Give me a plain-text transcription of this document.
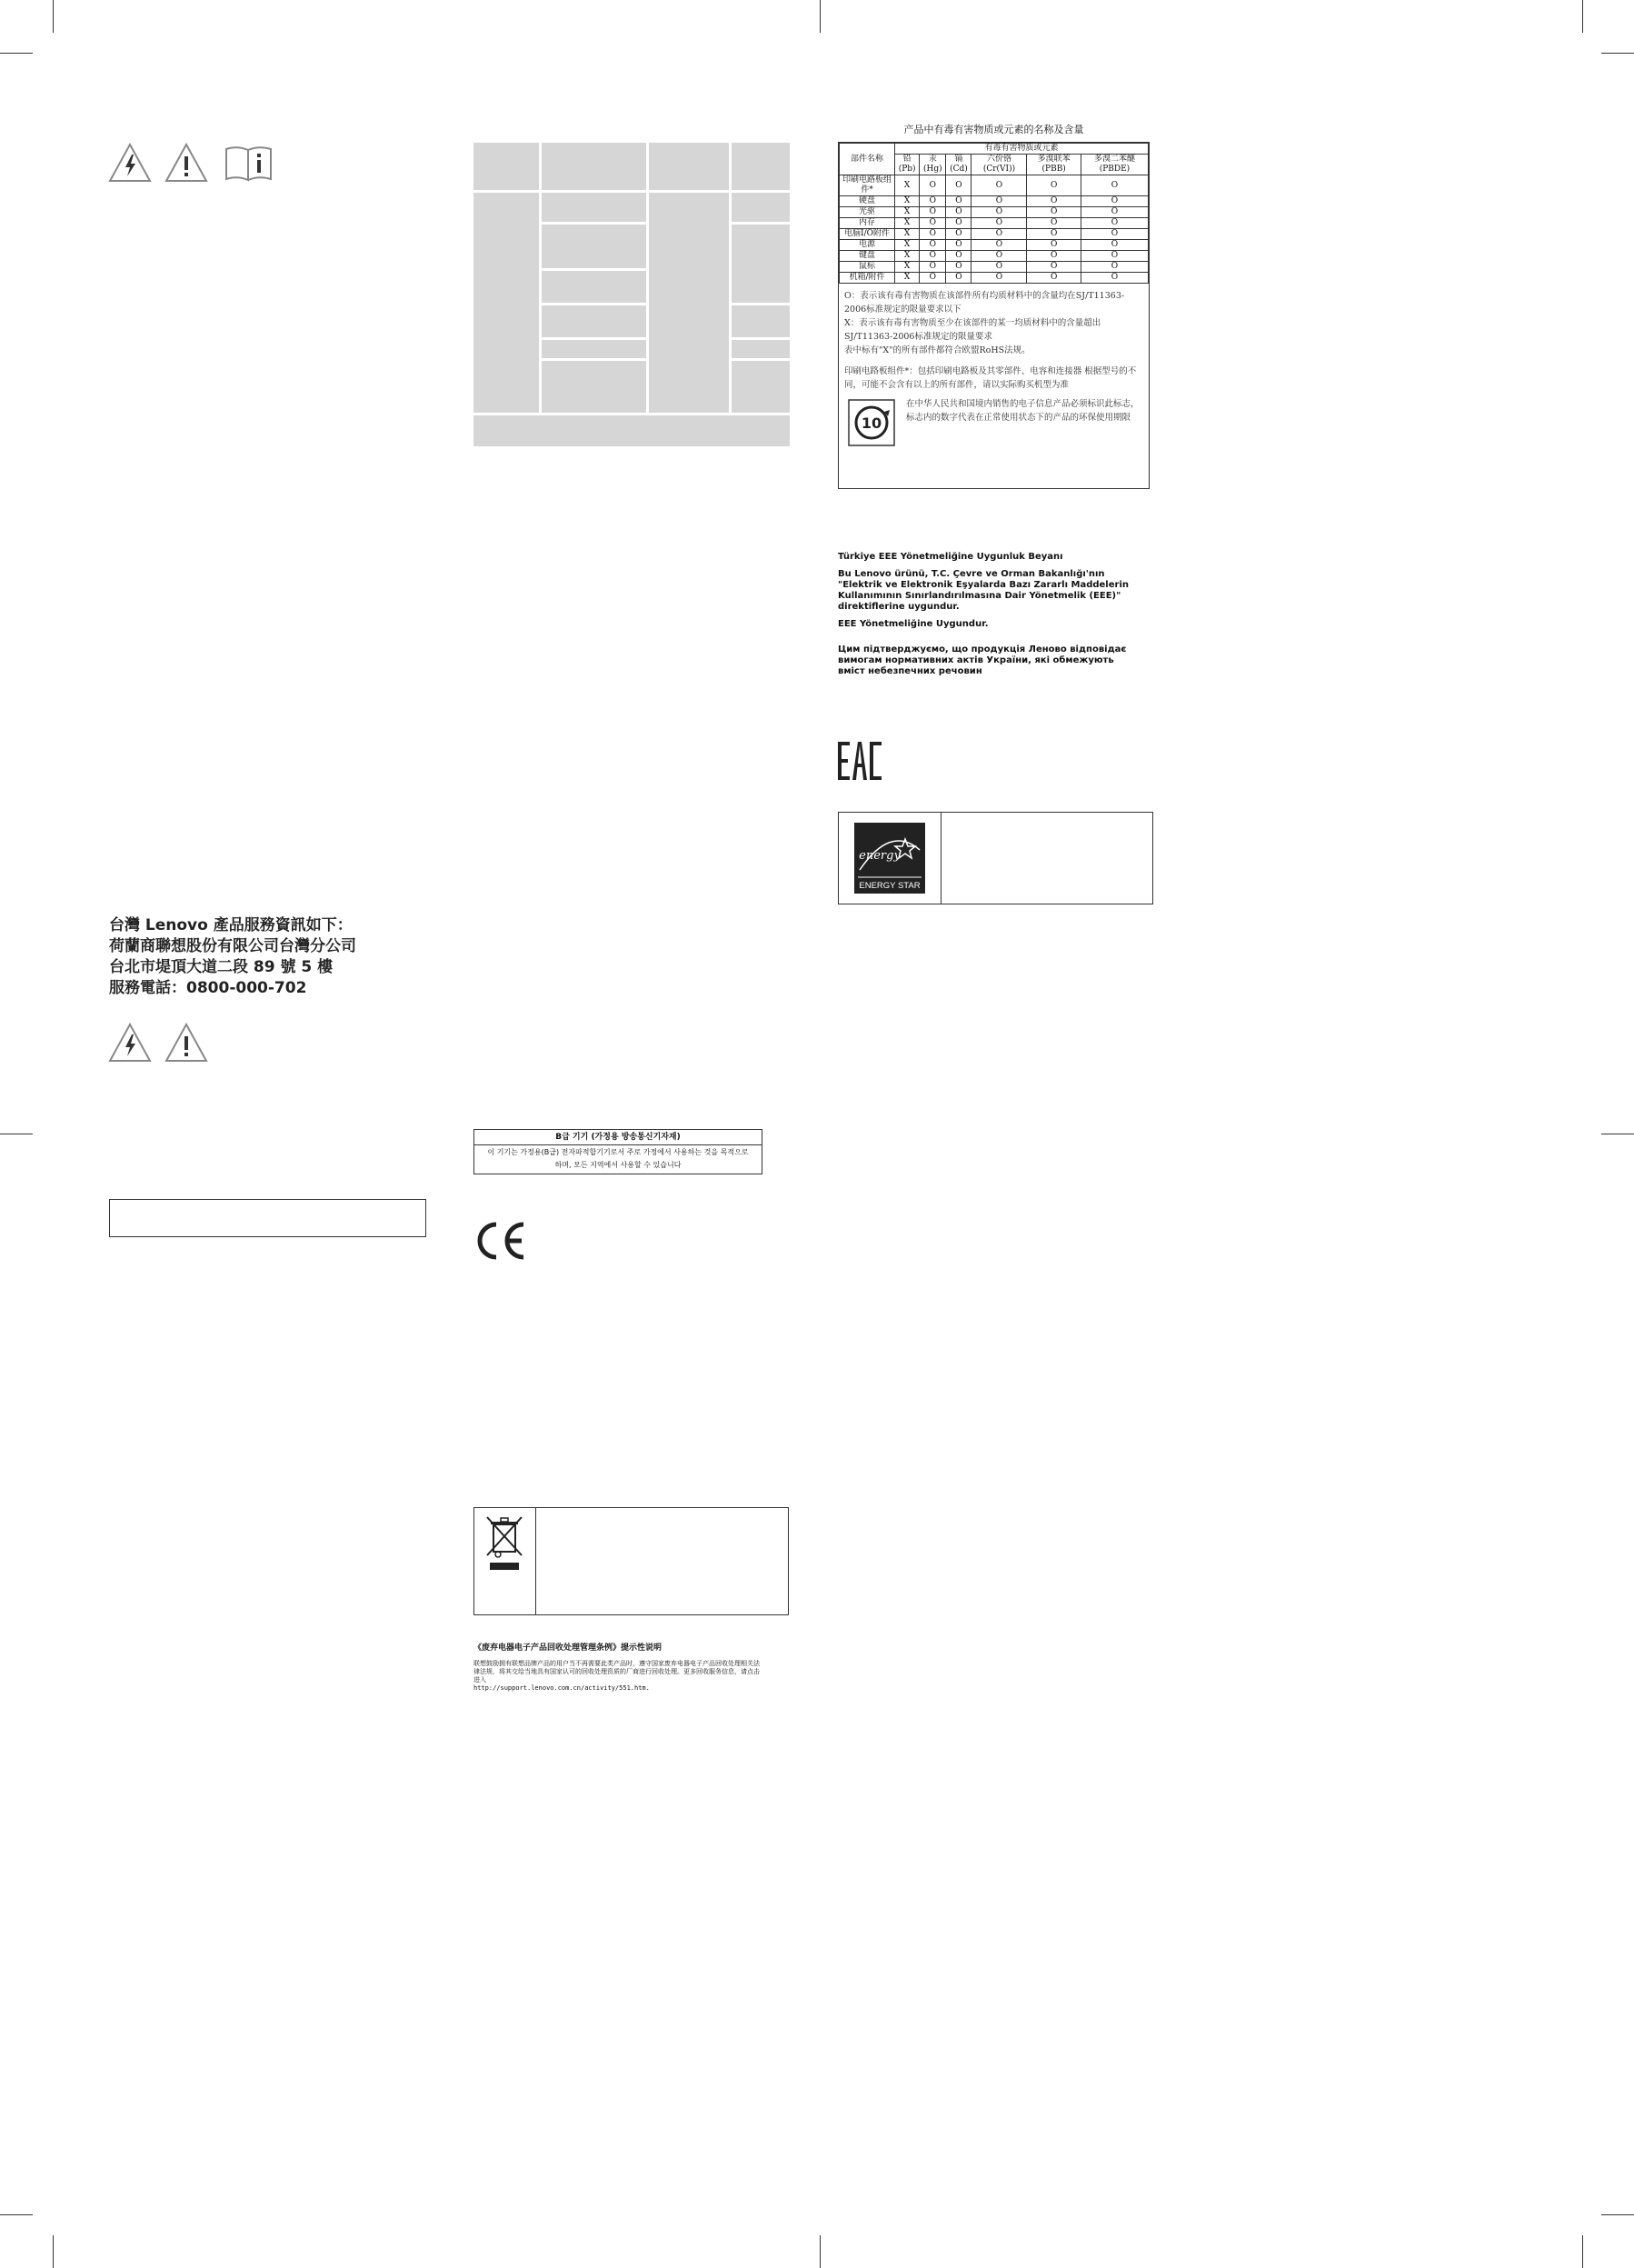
台灣 Lenovo 產品服務資訊如下：
荷蘭商聯想股份有限公司台灣分公司
台北市堤頂大道二段 89 號 5 樓
服務電話：0800-000-702
B급 기기 (가정용 방송통신기자재)
이 기기는 가정용(B급) 전자파적합기기로서 주로 가정에서 사용하는 것을 목적으로 하며, 모든 지역에서 사용할 수 있습니다
《废弃电器电子产品回收处理管理条例》提示性说明
联想鼓励拥有联想品牌产品的用户当不再需要此类产品时，遵守国家废弃电器电子产品回收处理相关法律法规，将其交给当地具有国家认可的回收处理资质的厂商进行回收处理。更多回收服务信息，请点击进入
http://support.lenovo.com.cn/activity/551.htm.
产品中有毒有害物质或元素的名称及含量
部件名称	有毒有害物质或元素					
	铅(Pb)	汞(Hg)	镉(Cd)	六价铬 (Cr(VI))	多溴联苯 (PBB)	多溴二苯醚 (PBDE)
印刷电路板组件*	X	O	O	O	O	O
硬盘	X	O	O	O	O	O
光驱	X	O	O	O	O	O
内存	X	O	O	O	O	O
电脑I/O附件	X	O	O	O	O	O
电源	X	O	O	O	O	O
键盘	X	O	O	O	O	O
鼠标	X	O	O	O	O	O
机箱/附件	X	O	O	O	O	O
O：表示该有毒有害物质在该部件所有均质材料中的含量均在SJ/T11363-2006标准规定的限量要求以下
X：表示该有毒有害物质至少在该部件的某一均质材料中的含量超出SJ/T11363-2006标准规定的限量要求
表中标有"X"的所有部件都符合欧盟RoHS法规。
印刷电路板组件*：包括印刷电路板及其零部件、电容和连接器 根据型号的不同，可能不会含有以上的所有部件，请以实际购买机型为准
10
在中华人民共和国境内销售的电子信息产品必须标识此标志，标志内的数字代表在正常使用状态下的产品的环保使用期限
Türkiye EEE Yönetmeliğine Uygunluk Beyanı
Bu Lenovo ürünü, T.C. Çevre ve Orman Bakanlığı'nın "Elektrik ve Elektronik Eşyalarda Bazı Zararlı Maddelerin Kullanımının Sınırlandırılmasına Dair Yönetmelik (EEE)" direktiflerine uygundur.
EEE Yönetmeliğine Uygundur.
Цим підтверджуємо, що продукція Леново відповідає вимогам нормативних актів України, які обмежують вміст небезпечних речовин
energy
ENERGY STAR
